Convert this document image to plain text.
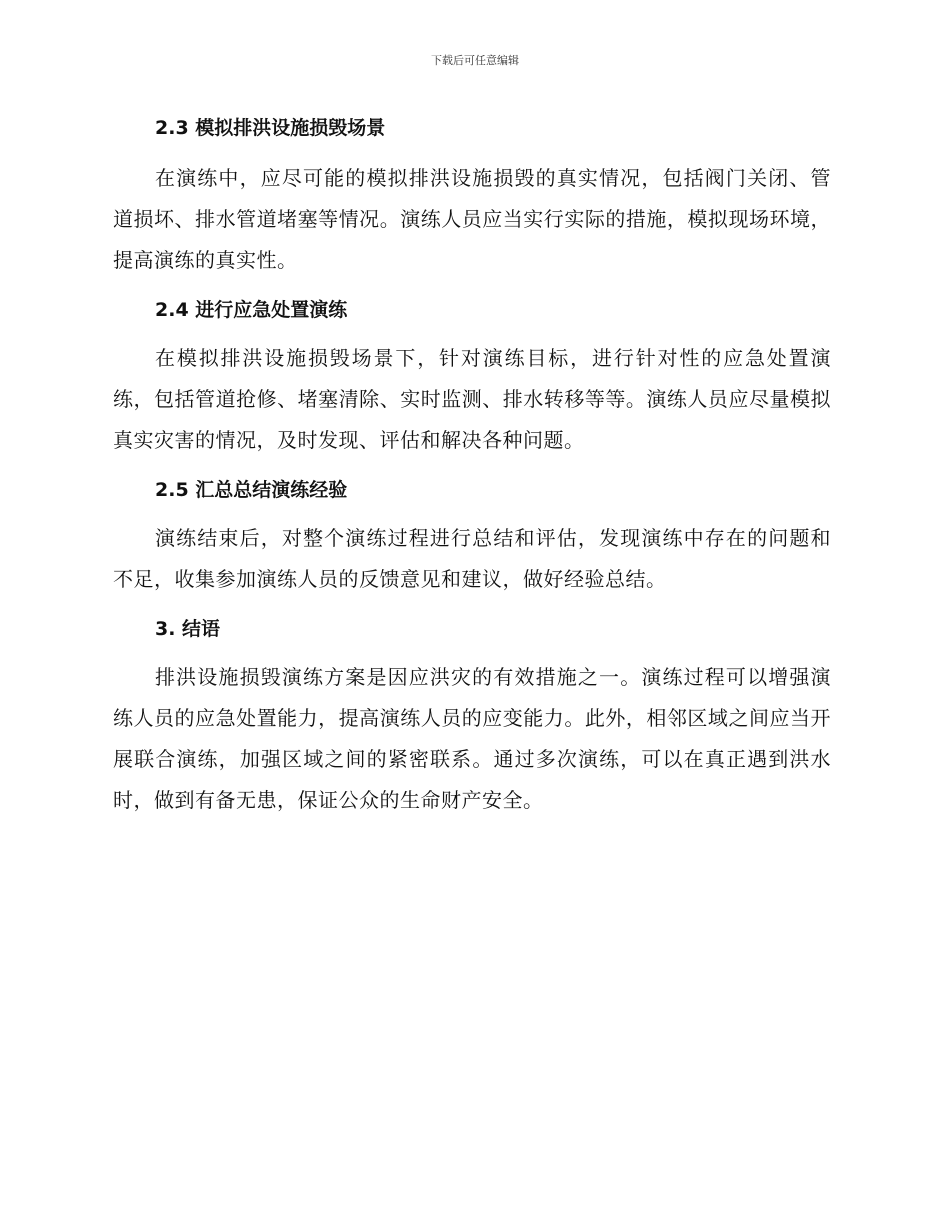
下载后可任意编辑
2.3 模拟排洪设施损毁场景

在演练中，应尽可能的模拟排洪设施损毁的真实情况，包括阀门关闭、管道损坏、排水管道堵塞等情况。演练人员应当实行实际的措施，模拟现场环境，提高演练的真实性。

2.4 进行应急处置演练

在模拟排洪设施损毁场景下，针对演练目标，进行针对性的应急处置演练，包括管道抢修、堵塞清除、实时监测、排水转移等等。演练人员应尽量模拟真实灾害的情况，及时发现、评估和解决各种问题。

2.5 汇总总结演练经验

演练结束后，对整个演练过程进行总结和评估，发现演练中存在的问题和不足，收集参加演练人员的反馈意见和建议，做好经验总结。

3. 结语

排洪设施损毁演练方案是因应洪灾的有效措施之一。演练过程可以增强演练人员的应急处置能力，提高演练人员的应变能力。此外，相邻区域之间应当开展联合演练，加强区域之间的紧密联系。通过多次演练，可以在真正遇到洪水时，做到有备无患，保证公众的生命财产安全。
